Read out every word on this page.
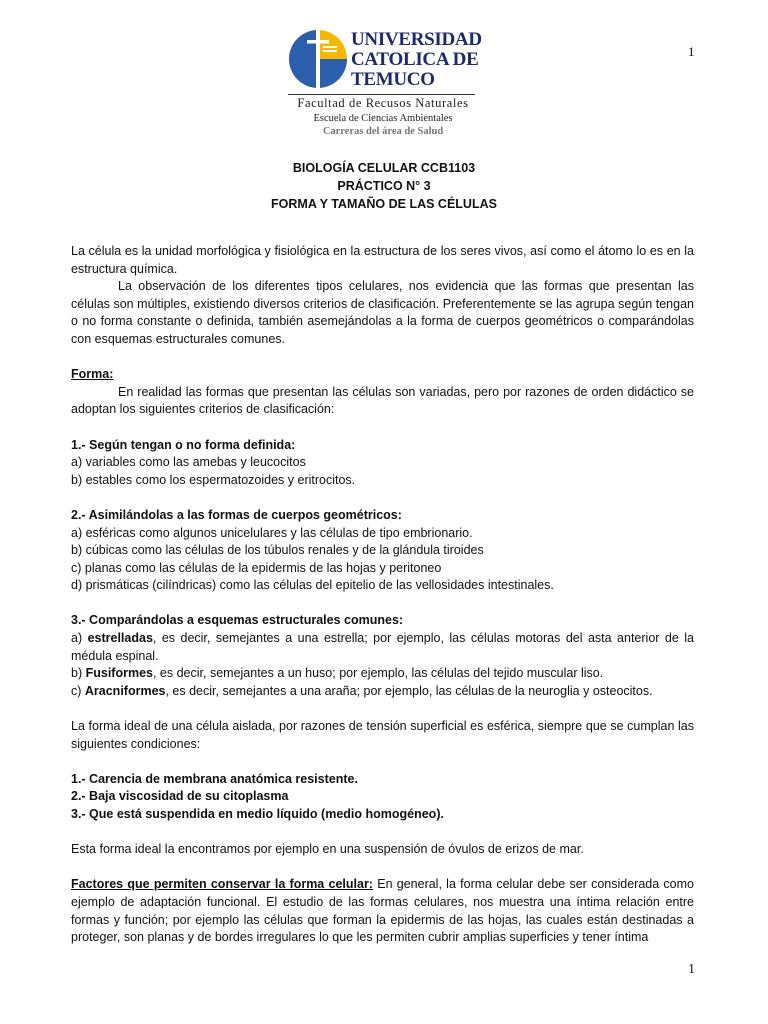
1
UNIVERSIDAD
CATOLICA DE
TEMUCO
Facultad de Recusos Naturales
Escuela de Ciencias Ambientales
Carreras del área de Salud
BIOLOGÍA CELULAR CCB1103
PRÁCTICO N° 3
FORMA Y TAMAÑO DE LAS CÉLULAS

La célula es la unidad morfológica y fisiológica en la estructura de los seres vivos, así como el átomo lo es en la estructura química.

La observación de los diferentes tipos celulares, nos evidencia que las formas que presentan las células son múltiples, existiendo diversos criterios de clasificación. Preferentemente se las agrupa según tengan o no forma constante o definida, también asemejándolas a la forma de cuerpos geométricos o comparándolas con esquemas estructurales comunes.

Forma:

En realidad las formas que presentan las células son variadas, pero por razones de orden didáctico se adoptan los siguientes criterios de clasificación:

1.- Según tengan o no forma definida:

a) variables como las amebas y leucocitos

b) estables como los espermatozoides y eritrocitos.

2.- Asimilándolas a las formas de cuerpos geométricos:

a) esféricas como algunos unicelulares y las células de tipo embrionario.

b) cúbicas como las células de los túbulos renales y de la glándula tiroides

c) planas como las células de la epidermis de las hojas y peritoneo

d) prismáticas (cilíndricas) como las células del epitelio de las vellosidades intestinales.

3.- Comparándolas a esquemas estructurales comunes:

a) estrelladas, es decir, semejantes a una estrella; por ejemplo, las células motoras del asta anterior de la médula espinal.

b) Fusiformes, es decir, semejantes a un huso; por ejemplo, las células del tejido muscular liso.

c) Aracniformes, es decir, semejantes a una araña; por ejemplo, las células de la neuroglia y osteocitos.

La forma ideal de una célula aislada, por razones de tensión superficial es esférica, siempre que se cumplan las siguientes condiciones:

1.- Carencia de membrana anatómica resistente.

2.- Baja viscosidad de su citoplasma

3.- Que está suspendida en medio líquido (medio homogéneo).

Esta forma ideal la encontramos por ejemplo en una suspensión de óvulos de erizos de mar.

Factores que permiten conservar la forma celular: En general, la forma celular debe ser considerada como ejemplo de adaptación funcional. El estudio de las formas celulares, nos muestra una íntima relación entre formas y función; por ejemplo las células que forman la epidermis de las hojas, las cuales están destinadas a proteger, son planas y de bordes irregulares lo que les permiten cubrir amplias superficies y tener íntima

1
